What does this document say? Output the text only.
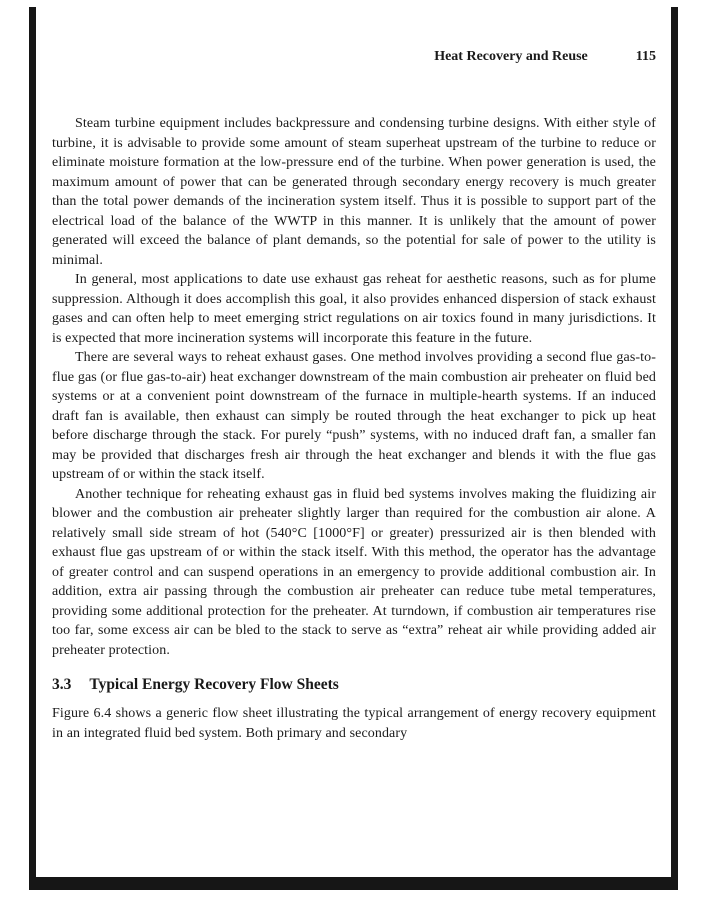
Heat Recovery and Reuse	115

Steam turbine equipment includes backpressure and condensing turbine designs. With either style of turbine, it is advisable to provide some amount of steam superheat upstream of the turbine to reduce or eliminate moisture formation at the low-pressure end of the turbine. When power generation is used, the maximum amount of power that can be generated through secondary energy recovery is much greater than the total power demands of the incineration system itself. Thus it is possible to support part of the electrical load of the balance of the WWTP in this manner. It is unlikely that the amount of power generated will exceed the balance of plant demands, so the potential for sale of power to the utility is minimal.

In general, most applications to date use exhaust gas reheat for aesthetic reasons, such as for plume suppression. Although it does accomplish this goal, it also provides enhanced dispersion of stack exhaust gases and can often help to meet emerging strict regulations on air toxics found in many jurisdictions. It is expected that more incineration systems will incorporate this feature in the future.

There are several ways to reheat exhaust gases. One method involves providing a second flue gas-to-flue gas (or flue gas-to-air) heat exchanger downstream of the main combustion air preheater on fluid bed systems or at a convenient point downstream of the furnace in multiple-hearth systems. If an induced draft fan is available, then exhaust can simply be routed through the heat exchanger to pick up heat before discharge through the stack. For purely “push” systems, with no induced draft fan, a smaller fan may be provided that discharges fresh air through the heat exchanger and blends it with the flue gas upstream of or within the stack itself.

Another technique for reheating exhaust gas in fluid bed systems involves making the fluidizing air blower and the combustion air preheater slightly larger than required for the combustion air alone. A relatively small side stream of hot (540°C [1000°F] or greater) pressurized air is then blended with exhaust flue gas upstream of or within the stack itself. With this method, the operator has the advantage of greater control and can suspend operations in an emergency to provide additional combustion air. In addition, extra air passing through the combustion air preheater can reduce tube metal temperatures, providing some additional protection for the preheater. At turndown, if combustion air temperatures rise too far, some excess air can be bled to the stack to serve as “extra” reheat air while providing added air preheater protection.

3.3 Typical Energy Recovery Flow Sheets

Figure 6.4 shows a generic flow sheet illustrating the typical arrangement of energy recovery equipment in an integrated fluid bed system. Both primary and secondary
